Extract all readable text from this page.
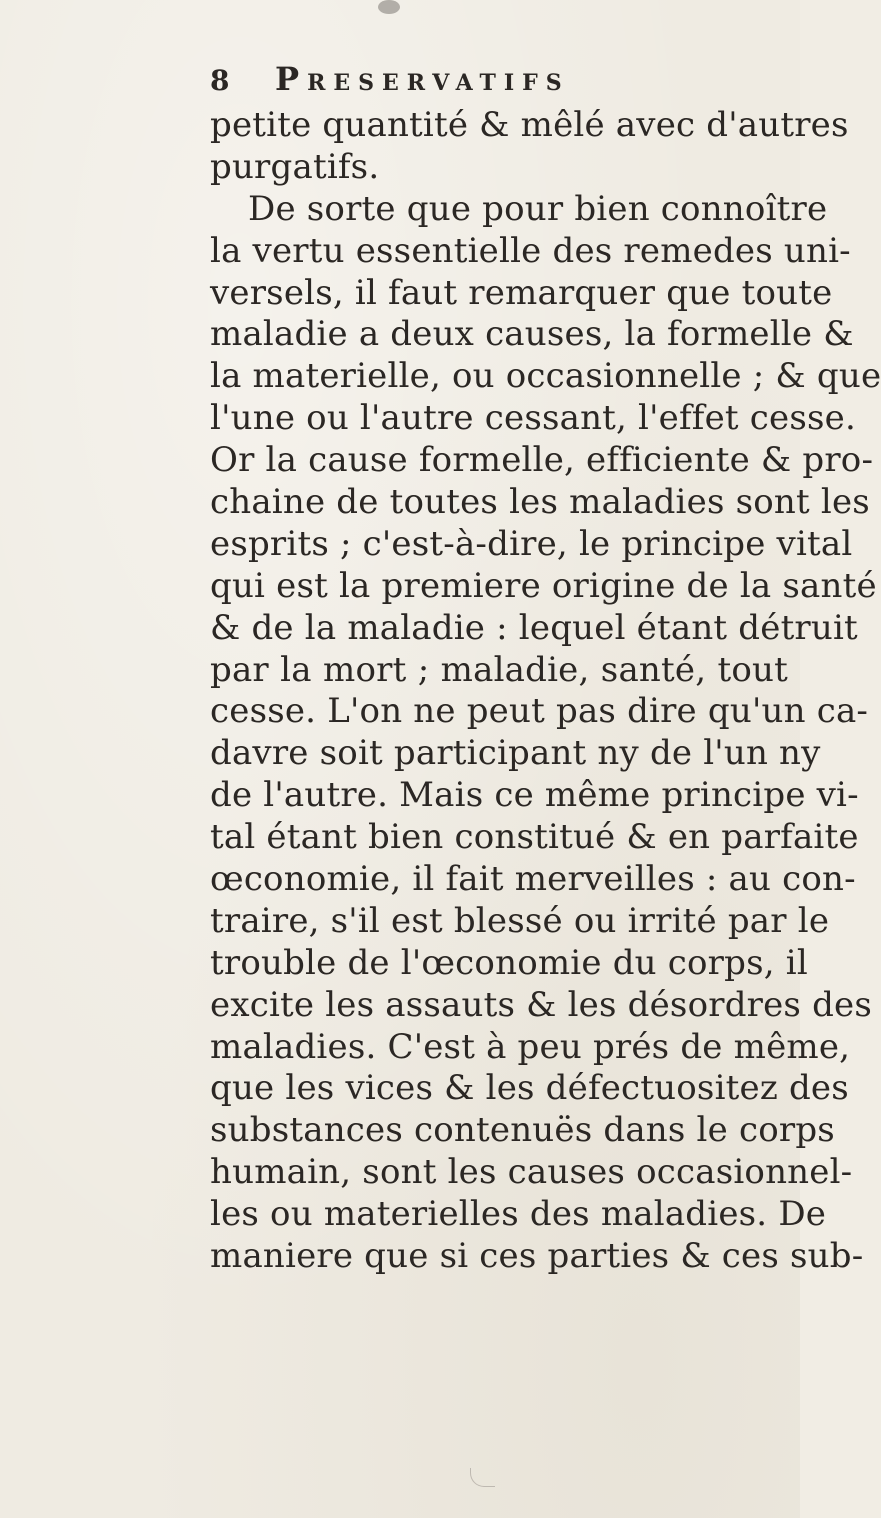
8 Preservatifs
petite quantité & mêlé avec d'autres
purgatifs.
De sorte que pour bien connoître
la vertu essentielle des remedes uni-
versels, il faut remarquer que toute
maladie a deux causes, la formelle &
la materielle, ou occasionnelle ; & que
l'une ou l'autre cessant, l'effet cesse.
Or la cause formelle, efficiente & pro-
chaine de toutes les maladies sont les
esprits ; c'est-à-dire, le principe vital
qui est la premiere origine de la santé
& de la maladie : lequel étant détruit
par la mort ; maladie, santé, tout
cesse. L'on ne peut pas dire qu'un ca-
davre soit participant ny de l'un ny
de l'autre. Mais ce même principe vi-
tal étant bien constitué & en parfaite
œconomie, il fait merveilles : au con-
traire, s'il est blessé ou irrité par le
trouble de l'œconomie du corps, il
excite les assauts & les désordres des
maladies. C'est à peu prés de même,
que les vices & les défectuositez des
substances contenuës dans le corps
humain, sont les causes occasionnel-
les ou materielles des maladies. De
maniere que si ces parties & ces sub-
